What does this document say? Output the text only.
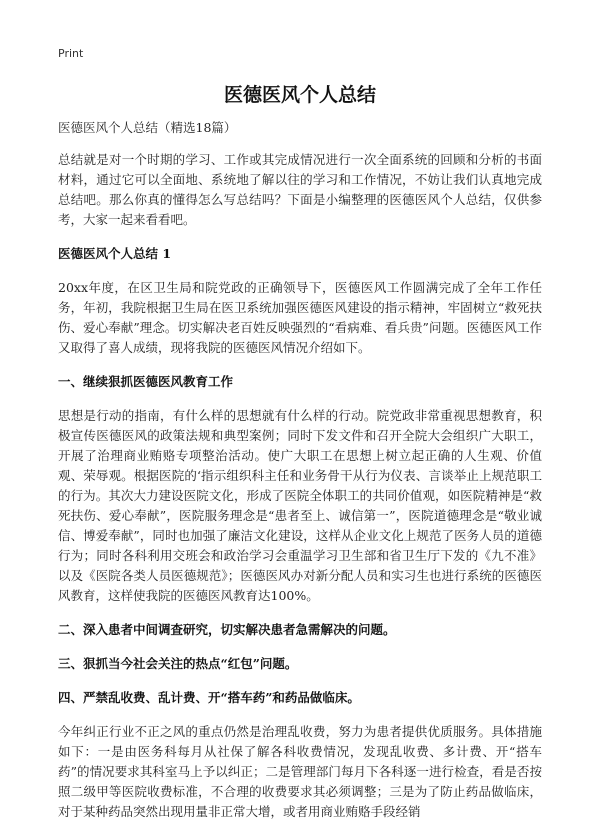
Print
医德医风个人总结
医德医风个人总结（精选18篇）

总结就是对一个时期的学习、工作或其完成情况进行一次全面系统的回顾和分析的书面材料，通过它可以全面地、系统地了解以往的学习和工作情况，不妨让我们认真地完成总结吧。那么你真的懂得怎么写总结吗？下面是小编整理的医德医风个人总结，仅供参考，大家一起来看看吧。

医德医风个人总结 1

20xx年度，在区卫生局和院党政的正确领导下，医德医风工作圆满完成了全年工作任务，年初，我院根据卫生局在医卫系统加强医德医风建设的指示精神，牢固树立“救死扶伤、爱心奉献”理念。切实解决老百姓反映强烈的“看病难、看兵贵”问题。医德医风工作又取得了喜人成绩，现将我院的医德医风情况介绍如下。

一、继续狠抓医德医风教育工作

思想是行动的指南，有什么样的思想就有什么样的行动。院党政非常重视思想教育，积极宣传医德医风的政策法规和典型案例；同时下发文件和召开全院大会组织广大职工，开展了治理商业贿赂专项整治活动。使广大职工在思想上树立起正确的人生观、价值观、荣辱观。根据医院的‘指示组织科主任和业务骨干从行为仪表、言谈举止上规范职工的行为。其次大力建设医院文化，形成了医院全体职工的共同价值观，如医院精神是“救死扶伤、爱心奉献”，医院服务理念是“患者至上、诚信第一”，医院道德理念是“敬业诚信、博爱奉献”，同时也加强了廉洁文化建设，这样从企业文化上规范了医务人员的道德行为；同时各科利用交班会和政治学习会重温学习卫生部和省卫生厅下发的《九不准》以及《医院各类人员医德规范》；医德医风办对新分配人员和实习生也进行系统的医德医风教育，这样使我院的医德医风教育达100%。

二、深入患者中间调查研究，切实解决患者急需解决的问题。
三、狠抓当今社会关注的热点“红包”问题。
四、严禁乱收费、乱计费、开“搭车药”和药品做临床。

今年纠正行业不正之风的重点仍然是治理乱收费，努力为患者提供优质服务。具体措施如下：一是由医务科每月从社保了解各科收费情况，发现乱收费、多计费、开“搭车药”的情况要求其科室马上予以纠正；二是管理部门每月下各科逐一进行检查，看是否按照二级甲等医院收费标准，不合理的收费要求其必须调整；三是为了防止药品做临床，对于某种药品突然出现用量非正常大增，或者用商业贿赂手段经销
